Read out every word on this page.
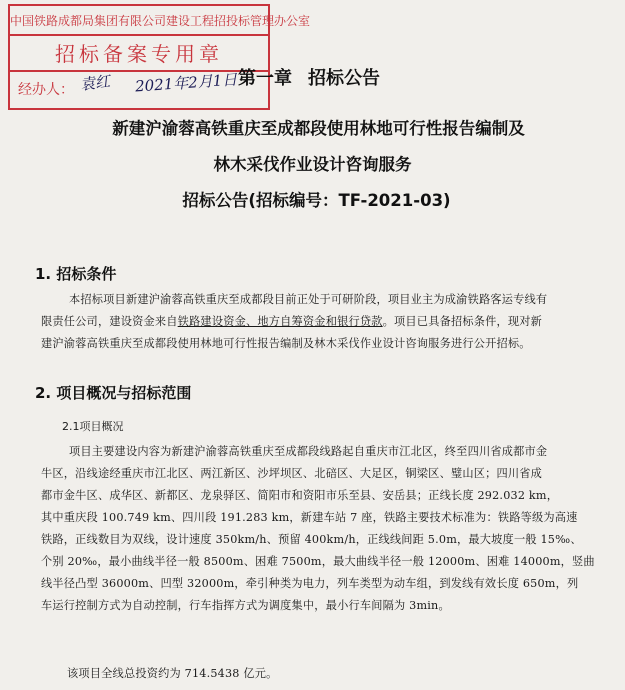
中国铁路成都局集团有限公司建设工程招投标管理办公室
招标备案专用章
经办人： 袁红 2021年2月1日 第一章 招标公告
新建沪渝蓉高铁重庆至成都段使用林地可行性报告编制及
林木采伐作业设计咨询服务
招标公告(招标编号：TF-2021-03)
1. 招标条件
本招标项目新建沪渝蓉高铁重庆至成都段目前正处于可研阶段，项目业主为成渝铁路客运专线有
限责任公司，建设资金来自铁路建设资金、地方自筹资金和银行贷款。项目已具备招标条件，现对新
建沪渝蓉高铁重庆至成都段使用林地可行性报告编制及林木采伐作业设计咨询服务进行公开招标。
2. 项目概况与招标范围
2.1项目概况
项目主要建设内容为新建沪渝蓉高铁重庆至成都段线路起自重庆市江北区，终至四川省成都市金
牛区，沿线途经重庆市江北区、两江新区、沙坪坝区、北碚区、大足区，铜梁区、璧山区；四川省成
都市金牛区、成华区、新都区、龙泉驿区、简阳市和资阳市乐至县、安岳县；正线长度 292.032 km，
其中重庆段 100.749 km、四川段 191.283 km，新建车站 7 座，铁路主要技术标准为：铁路等级为高速
铁路，正线数目为双线，设计速度 350km/h、预留 400km/h，正线线间距 5.0m，最大坡度一般 15‰、
个别 20‰，最小曲线半径一般 8500m、困难 7500m，最大曲线半径一般 12000m、困难 14000m，竖曲
线半径凸型 36000m、凹型 32000m，牵引种类为电力，列车类型为动车组，到发线有效长度 650m，列
车运行控制方式为自动控制，行车指挥方式为调度集中，最小行车间隔为 3min。
该项目全线总投资约为 714.5438 亿元。
